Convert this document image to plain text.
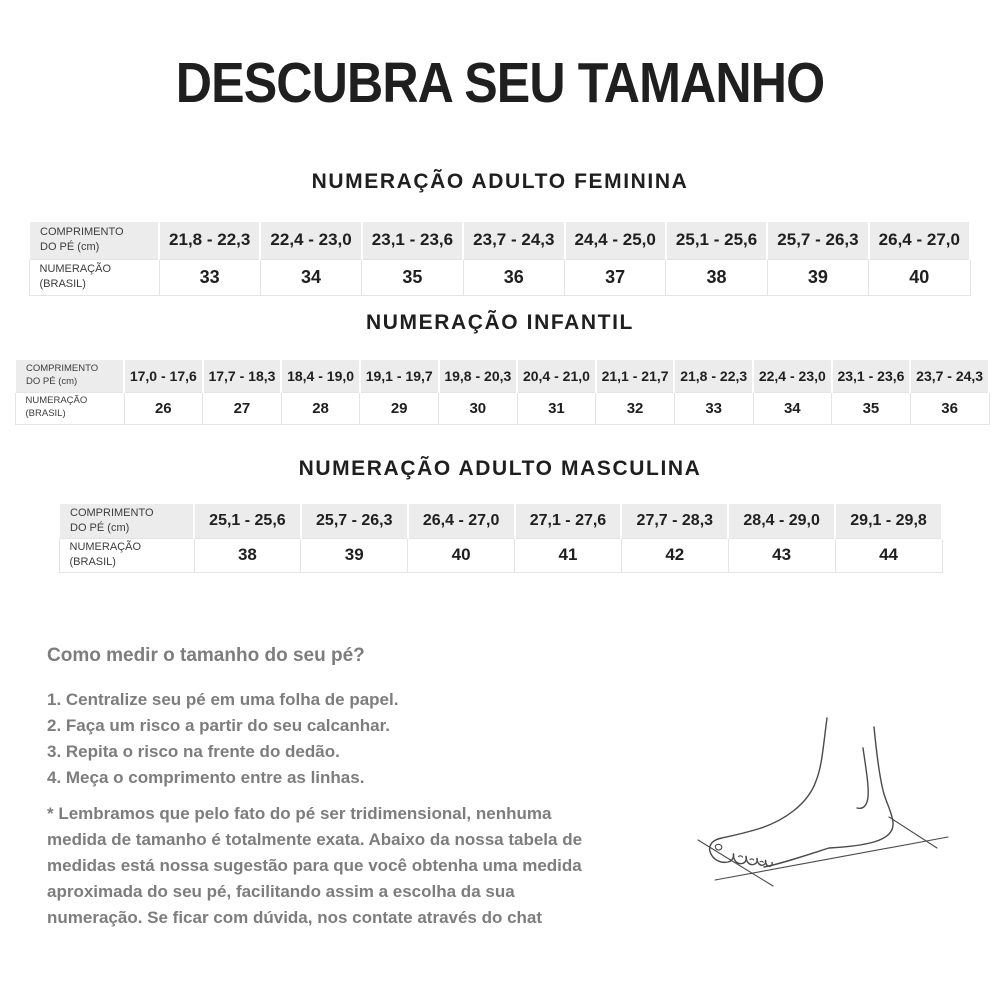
DESCUBRA SEU TAMANHO
NUMERAÇÃO ADULTO FEMININA
COMPRIMENTO
DO PÉ (cm)	21,8 - 22,3	22,4 - 23,0	23,1 - 23,6	23,7 - 24,3	24,4 - 25,0	25,1 - 25,6	25,7 - 26,3	26,4 - 27,0

NUMERAÇÃO
(BRASIL)	33	34	35	36	37	38	39	40
NUMERAÇÃO INFANTIL
COMPRIMENTO
DO PÉ (cm)	17,0 - 17,6	17,7 - 18,3	18,4 - 19,0	19,1 - 19,7	19,8 - 20,3	20,4 - 21,0	21,1 - 21,7	21,8 - 22,3	22,4 - 23,0	23,1 - 23,6	23,7 - 24,3

NUMERAÇÃO
(BRASIL)	26	27	28	29	30	31	32	33	34	35	36
NUMERAÇÃO ADULTO MASCULINA
COMPRIMENTO
DO PÉ (cm)	25,1 - 25,6	25,7 - 26,3	26,4 - 27,0	27,1 - 27,6	27,7 - 28,3	28,4 - 29,0	29,1 - 29,8

NUMERAÇÃO
(BRASIL)	38	39	40	41	42	43	44
Como medir o tamanho do seu pé?
1. Centralize seu pé em uma folha de papel.
2. Faça um risco a partir do seu calcanhar.
3. Repita o risco na frente do dedão.
4. Meça o comprimento entre as linhas.
* Lembramos que pelo fato do pé ser tridimensional, nenhuma
medida de tamanho é totalmente exata. Abaixo da nossa tabela de
medidas está nossa sugestão para que você obtenha uma medida
aproximada do seu pé, facilitando assim a escolha da sua
numeração. Se ficar com dúvida, nos contate através do chat
